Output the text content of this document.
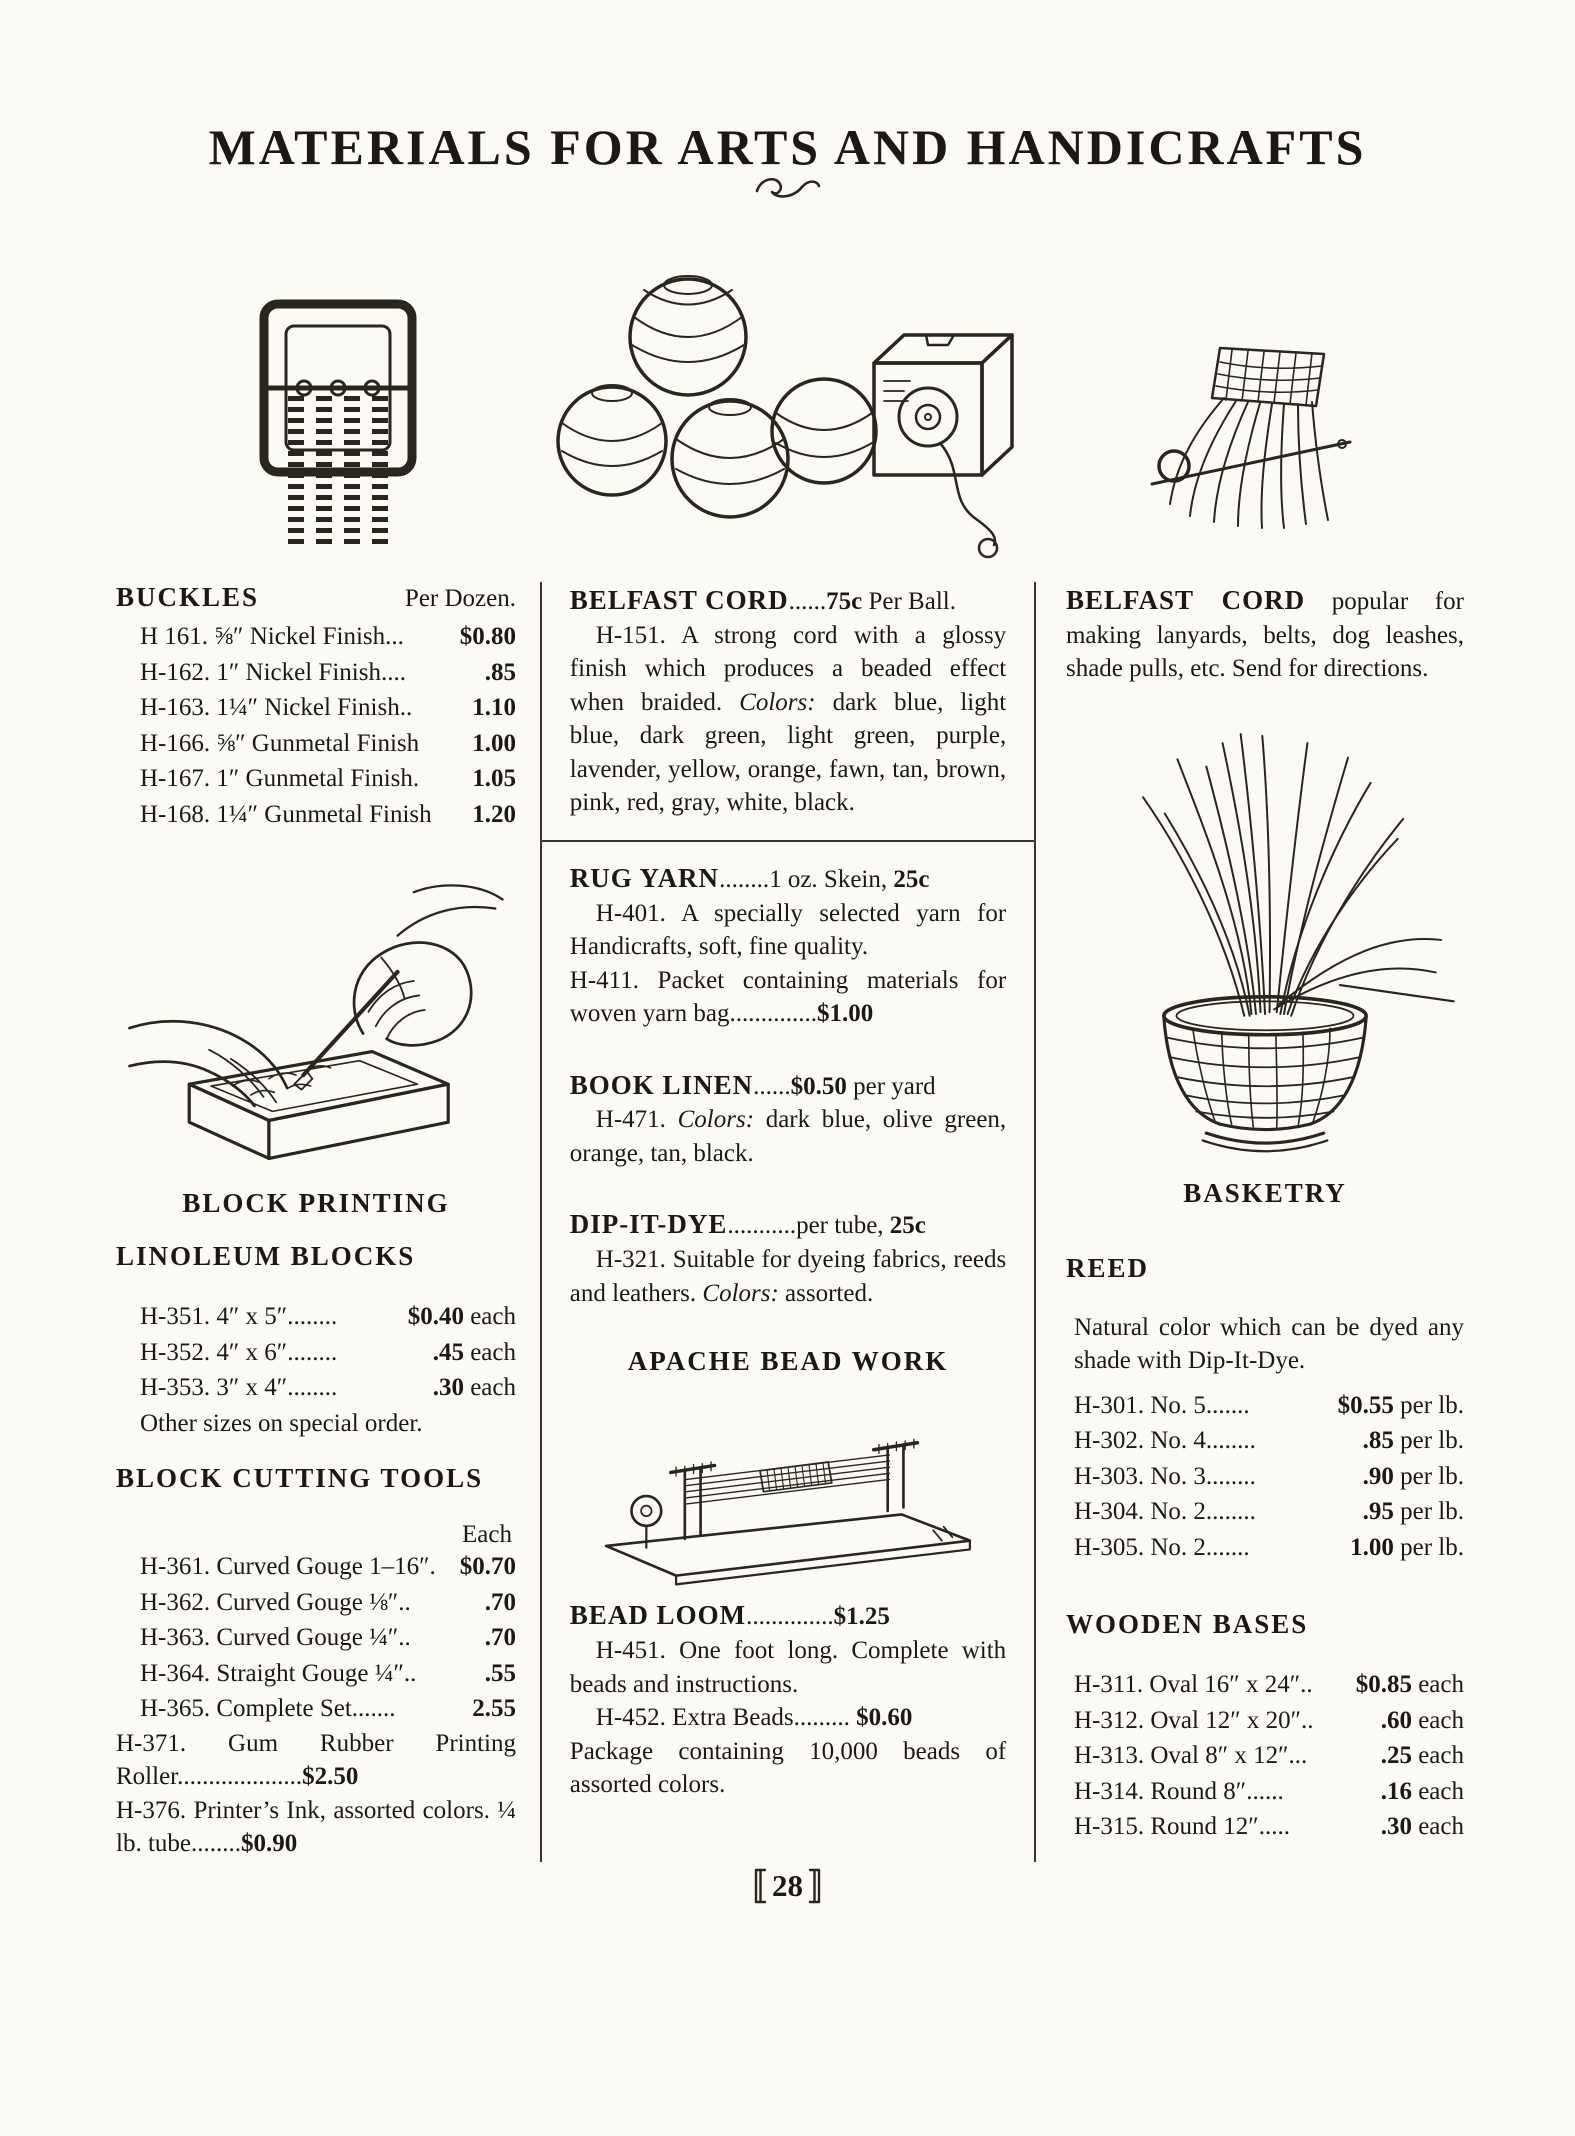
MATERIALS FOR ARTS AND HANDICRAFTS
BUCKLES	Per Dozen.
H 161. ⅝″ Nickel Finish... $0.80
H-162. 1″ Nickel Finish....	.85
H-163. 1¼″ Nickel Finish.. 1.10
H-166. ⅝″ Gunmetal Finish 1.00
H-167. 1″ Gunmetal Finish. 1.05
H-168. 1¼″ Gunmetal Finish 1.20
BLOCK PRINTING
LINOLEUM BLOCKS
H-351. 4″ x 5″........	$0.40 each
H-352. 4″ x 6″........	.45 each
H-353. 3″ x 4″........	.30 each
Other sizes on special order.
BLOCK CUTTING TOOLS
Each
H-361. Curved Gouge 1–16″. $0.70
H-362. Curved Gouge ⅛″..	.70
H-363. Curved Gouge ¼″..	.70
H-364. Straight Gouge ¼″..	.55
H-365. Complete Set.......	2.55

H-371. Gum Rubber Printing Roller....................$2.50

H-376. Printer’s Ink, assorted colors. ¼ lb. tube........$0.90

BELFAST CORD......75c Per Ball.

H-151. A strong cord with a glossy finish which produces a beaded effect when braided. Colors: dark blue, light blue, dark green, light green, purple, lavender, yellow, orange, fawn, tan, brown, pink, red, gray, white, black.

RUG YARN........1 oz. Skein, 25c

H-401. A specially selected yarn for Handicrafts, soft, fine quality.

H-411. Packet containing materials for woven yarn bag..............$1.00

BOOK LINEN......$0.50 per yard

H-471. Colors: dark blue, olive green, orange, tan, black.

DIP-IT-DYE...........per tube, 25c

H-321. Suitable for dyeing fabrics, reeds and leathers. Colors: assorted.

APACHE BEAD WORK

BEAD LOOM..............$1.25

H-451. One foot long. Complete with beads and instructions.

H-452. Extra Beads......... $0.60

Package containing 10,000 beads of assorted colors.

BELFAST CORD popular for making lanyards, belts, dog leashes, shade pulls, etc. Send for directions.

BASKETRY
REED

Natural color which can be dyed any shade with Dip-It-Dye.

H-301. No. 5.......	$0.55 per lb.
H-302. No. 4........	.85 per lb.
H-303. No. 3........	.90 per lb.
H-304. No. 2........	.95 per lb.
H-305. No. 2.......	1.00 per lb.
WOODEN BASES
H-311. Oval 16″ x 24″.. $0.85 each
H-312. Oval 12″ x 20″..	.60 each
H-313. Oval 8″ x 12″...	.25 each
H-314. Round 8″......	.16 each
H-315. Round 12″.....	.30 each
28
